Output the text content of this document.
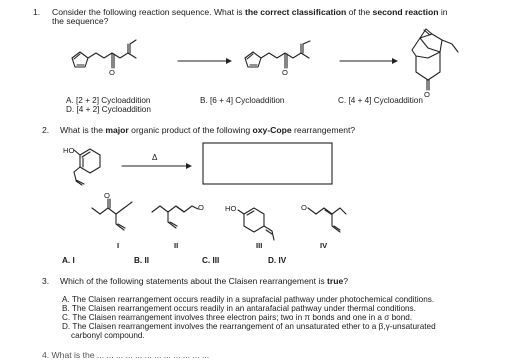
1. Consider the following reaction sequence. What is the correct classification of the second reaction in
the sequence?
O	O
O
A. [2 + 2] Cycloaddition	B. [6 + 4] Cycloaddition	C. [4 + 4] Cycloaddition
D. [4 + 2] Cycloaddition
2. What is the major organic product of the following oxy-Cope rearrangement?
HO
Δ
O
O	HO	O
I	II	III	IV
A. I	B. II	C. III	D. IV
3. Which of the following statements about the Claisen rearrangement is true?
A. The Claisen rearrangement occurs readily in a suprafacial pathway under photochemical conditions.
B. The Claisen rearrangement occurs readily in an antarafacial pathway under thermal conditions.
C. The Claisen rearrangement involves three electron pairs; two in π bonds and one in a σ bond.
D. The Claisen rearrangement involves the rearrangement of an unsaturated ether to a β,γ-unsaturated
carbonyl compound.
4. What is the ... ... ... ... ... ... ... ... ... ... ... ...
